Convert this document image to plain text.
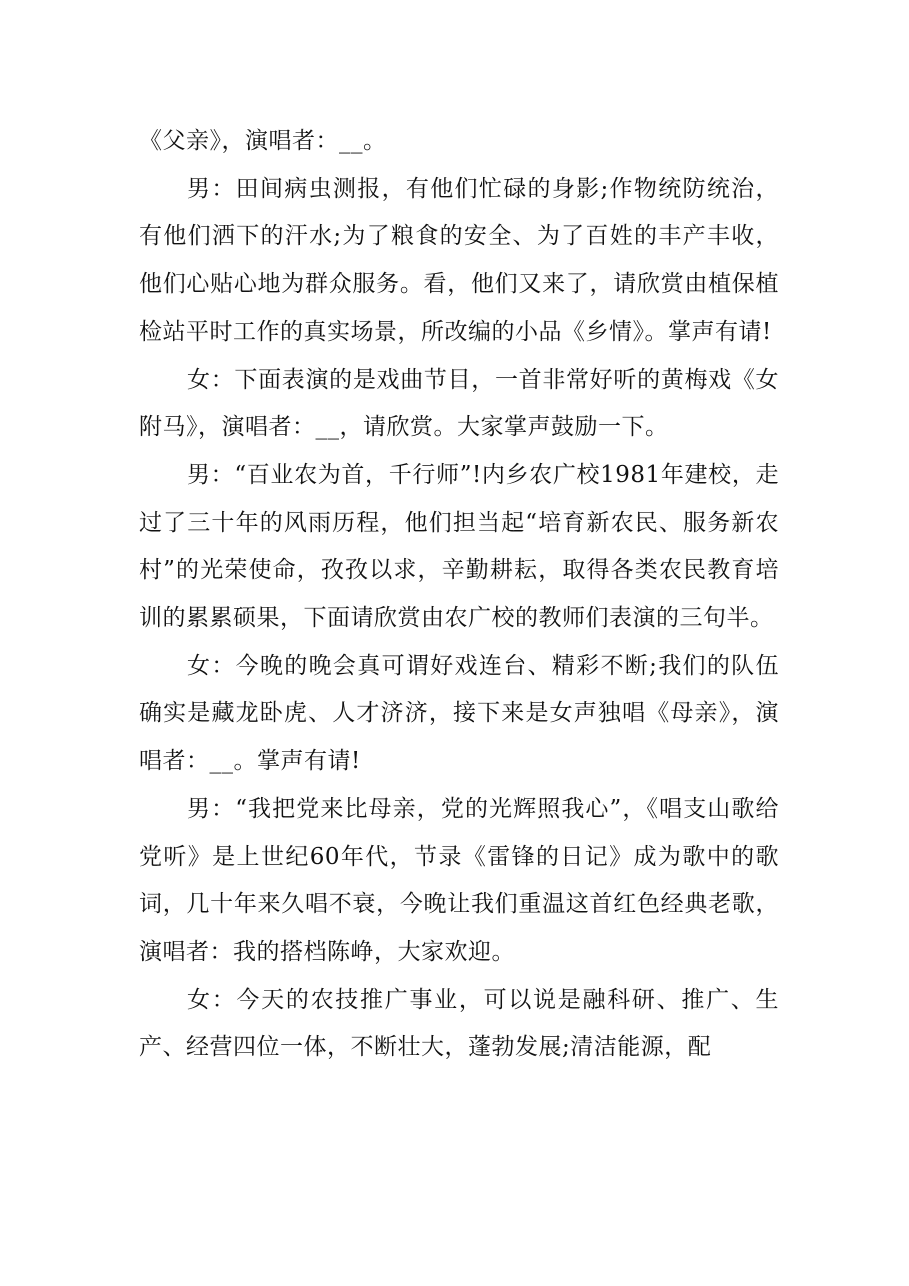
《父亲》，演唱者：__。

男：田间病虫测报，有他们忙碌的身影;作物统防统治，有他们洒下的汗水;为了粮食的安全、为了百姓的丰产丰收，他们心贴心地为群众服务。看，他们又来了，请欣赏由植保植检站平时工作的真实场景，所改编的小品《乡情》。掌声有请!

女：下面表演的是戏曲节目，一首非常好听的黄梅戏《女附马》，演唱者：__，请欣赏。大家掌声鼓励一下。

男：“百业农为首，千行师”!内乡农广校1981年建校，走过了三十年的风雨历程，他们担当起“培育新农民、服务新农村”的光荣使命，孜孜以求，辛勤耕耘，取得各类农民教育培训的累累硕果，下面请欣赏由农广校的教师们表演的三句半。

女：今晚的晚会真可谓好戏连台、精彩不断;我们的队伍确实是藏龙卧虎、人才济济，接下来是女声独唱《母亲》，演唱者：__。掌声有请!

男：“我把党来比母亲，党的光辉照我心”，《唱支山歌给党听》是上世纪60年代，节录《雷锋的日记》成为歌中的歌词，几十年来久唱不衰，今晚让我们重温这首红色经典老歌，演唱者：我的搭档陈峥，大家欢迎。

女：今天的农技推广事业，可以说是融科研、推广、生产、经营四位一体，不断壮大，蓬勃发展;清洁能源，配
